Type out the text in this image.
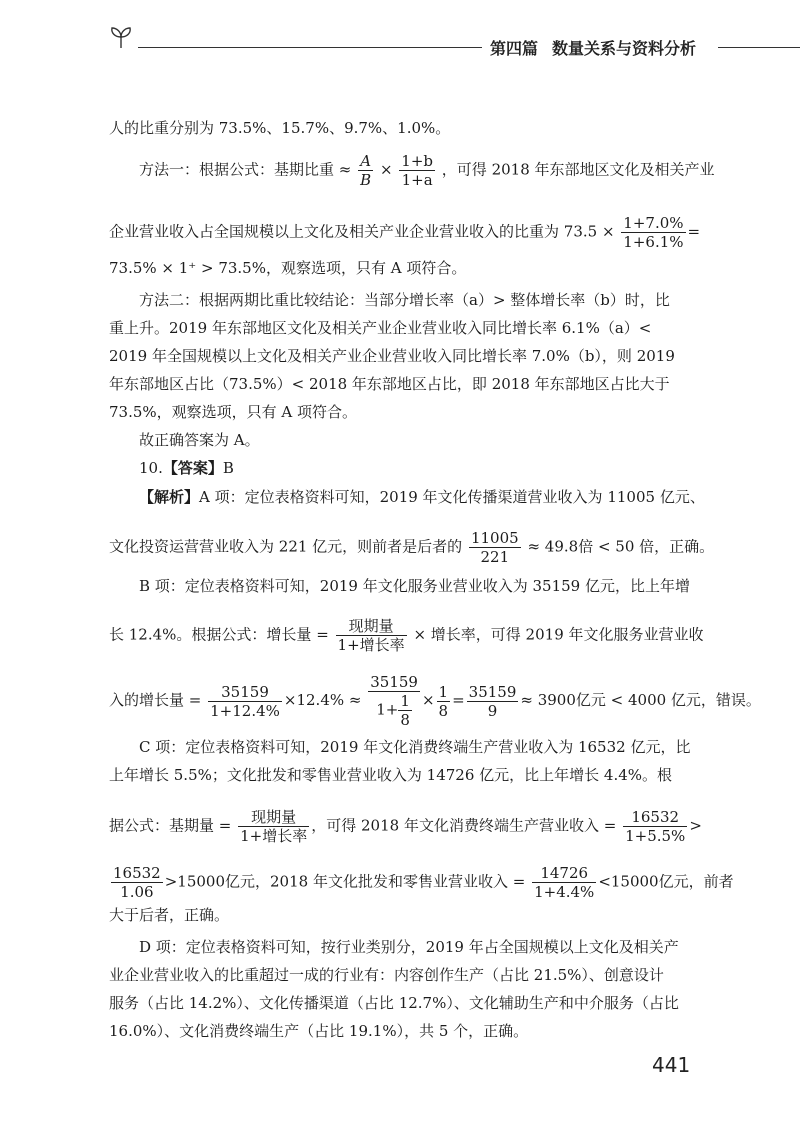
第四篇 数量关系与资料分析
人的比重分别为 73.5%、15.7%、9.7%、1.0%。
方法一：根据公式：基期比重 ≈ $\frac{A}{B} \times \frac{1+b}{1+a}$ ，可得 2018 年东部地区文化及相关产业
企业营业收入占全国规模以上文化及相关产业企业营业收入的比重为 $73.5 \times \frac{1+7.0\%}{1+6.1\%}$ =
73.5% × 1⁺ > 73.5%，观察选项，只有 A 项符合。
方法二：根据两期比重比较结论：当部分增长率（a）> 整体增长率（b）时，比
重上升。2019 年东部地区文化及相关产业企业营业收入同比增长率 6.1%（a）<
2019 年全国规模以上文化及相关产业企业营业收入同比增长率 7.0%（b），则 2019
年东部地区占比（73.5%）< 2018 年东部地区占比，即 2018 年东部地区占比大于
73.5%，观察选项，只有 A 项符合。
故正确答案为 A。
10.【答案】B
【解析】A 项：定位表格资料可知，2019 年文化传播渠道营业收入为 11005 亿元、
文化投资运营营业收入为 221 亿元，则前者是后者的 $\frac{11005}{221} \approx 49.8$倍 < 50 倍，正确。
B 项：定位表格资料可知，2019 年文化服务业营业收入为 35159 亿元，比上年增
长 12.4%。根据公式：增长量 = $\frac{\text{现期量}}{\text{1+增长率}}$ × 增长率，可得 2019 年文化服务业营业收
入的增长量 = $\frac{35159}{1+12.4\%} \times 12.4\% \approx \frac{35159}{1+ \frac{1}{8}} \times \frac{1}{8} = \frac{35159}{9} \approx 3900$亿元 < 4000 亿元，错误。
C 项：定位表格资料可知，2019 年文化消费终端生产营业收入为 16532 亿元，比
上年增长 5.5%；文化批发和零售业营业收入为 14726 亿元，比上年增长 4.4%。根
据公式：基期量 = $\frac{\text{现期量}}{\text{1+增长率}}$ ，可得 2018 年文化消费终端生产营业收入 = $\frac{16532}{1+5.5\%}$ >
$\frac{16532}{1.06} >15000$亿元，2018 年文化批发和零售业营业收入 = $\frac{14726}{1+4.4\%} <15000$亿元，前者
大于后者，正确。
D 项：定位表格资料可知，按行业类别分，2019 年占全国规模以上文化及相关产
业企业营业收入的比重超过一成的行业有：内容创作生产（占比 21.5%）、创意设计
服务（占比 14.2%）、文化传播渠道（占比 12.7%）、文化辅助生产和中介服务（占比
16.0%）、文化消费终端生产（占比 19.1%），共 5 个，正确。
441
